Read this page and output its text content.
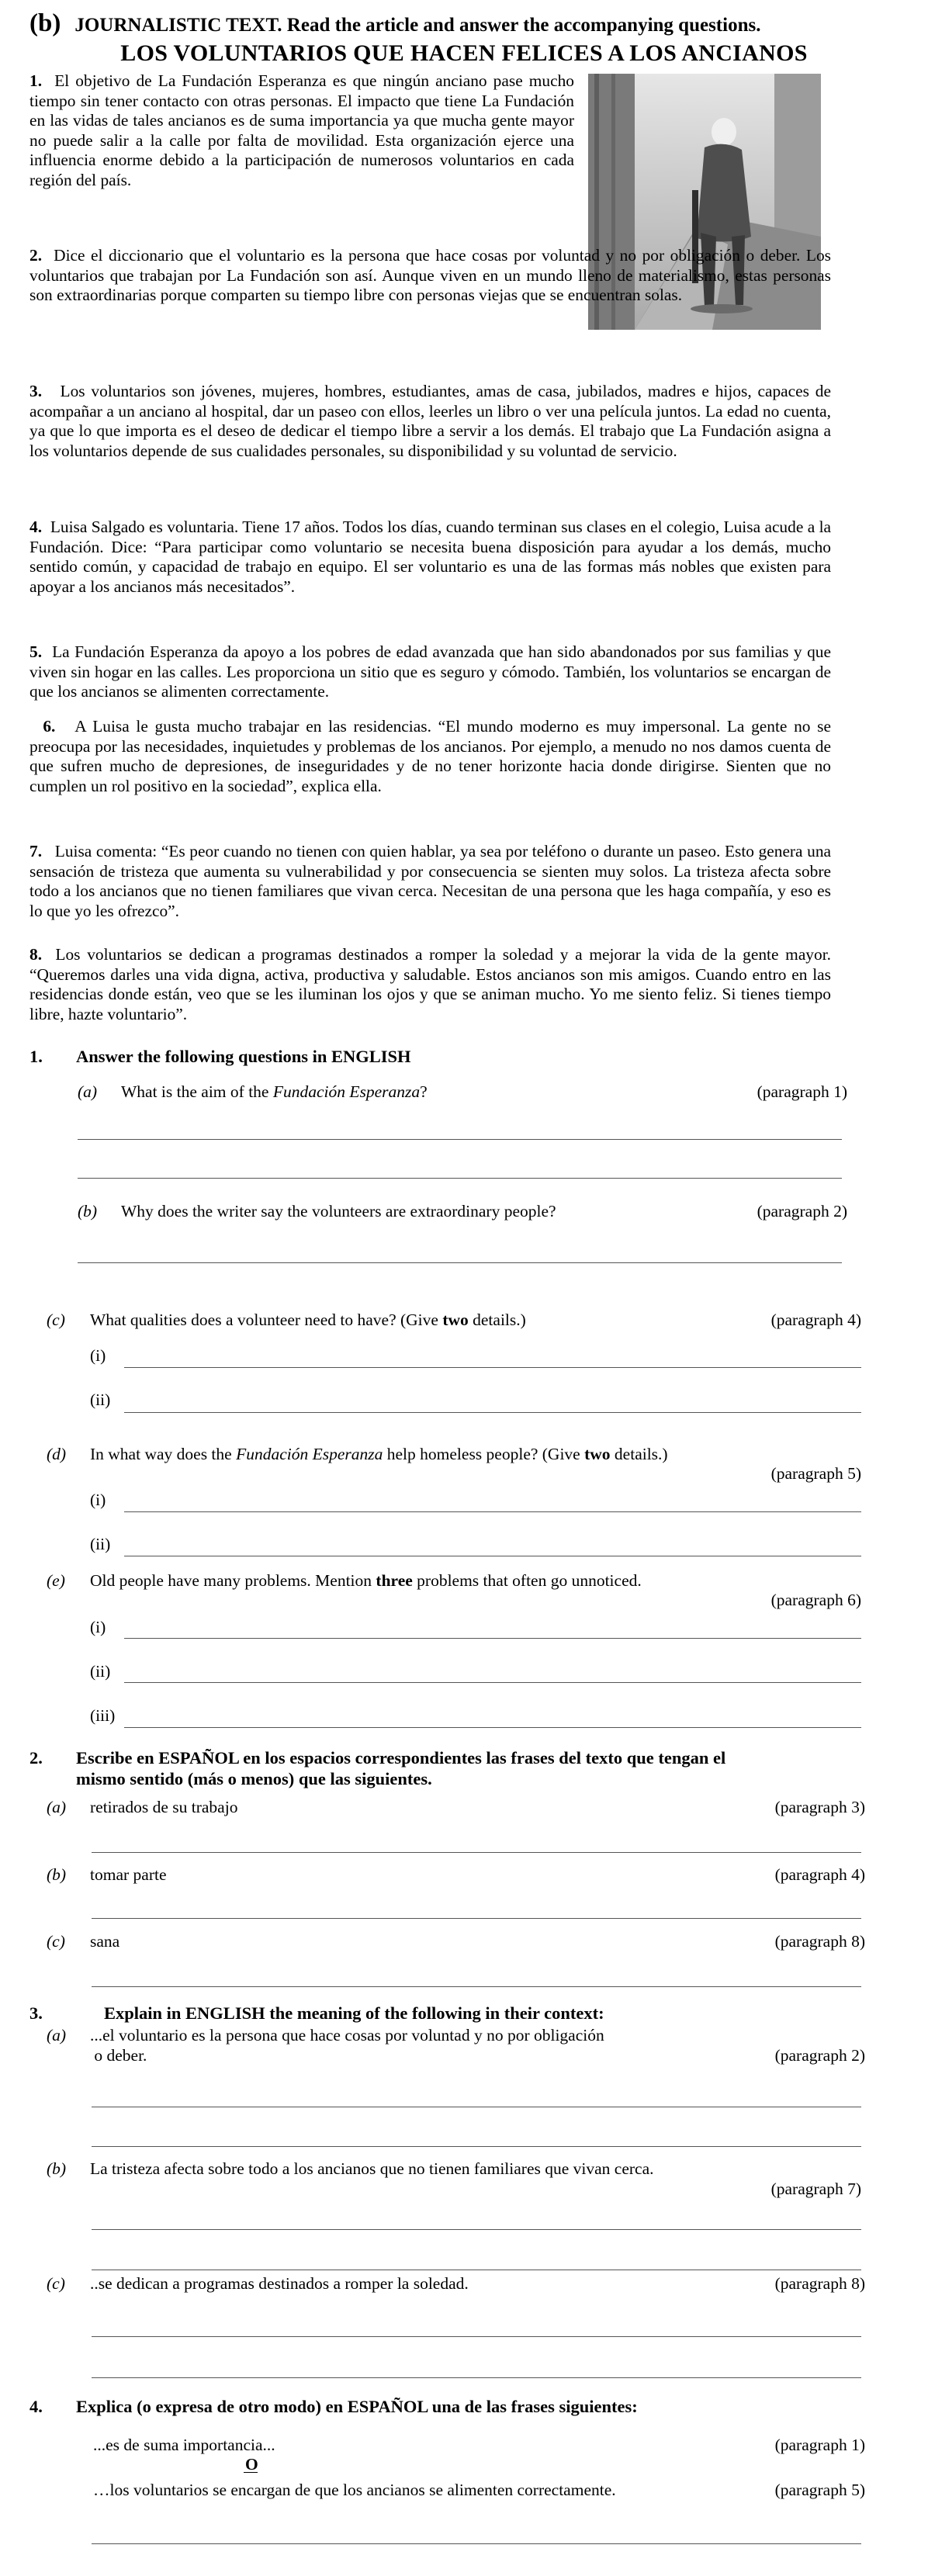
(b) JOURNALISTIC TEXT. Read the article and answer the accompanying questions.
LOS VOLUNTARIOS QUE HACEN FELICES A LOS ANCIANOS

1. El objetivo de La Fundación Esperanza es que ningún anciano pase mucho tiempo sin tener contacto con otras personas. El impacto que tiene La Fundación en las vidas de tales ancianos es de suma importancia ya que mucha gente mayor no puede salir a la calle por falta de movilidad. Esta organización ejerce una influencia enorme debido a la participación de numerosos voluntarios en cada región del país.

2. Dice el diccionario que el voluntario es la persona que hace cosas por voluntad y no por obligación o deber. Los voluntarios que trabajan por La Fundación son así. Aunque viven en un mundo lleno de materialismo, estas personas son extraordinarias porque comparten su tiempo libre con personas viejas que se encuentran solas.

3. Los voluntarios son jóvenes, mujeres, hombres, estudiantes, amas de casa, jubilados, madres e hijos, capaces de acompañar a un anciano al hospital, dar un paseo con ellos, leerles un libro o ver una película juntos. La edad no cuenta, ya que lo que importa es el deseo de dedicar el tiempo libre a servir a los demás. El trabajo que La Fundación asigna a los voluntarios depende de sus cualidades personales, su disponibilidad y su voluntad de servicio.

4. Luisa Salgado es voluntaria. Tiene 17 años. Todos los días, cuando terminan sus clases en el colegio, Luisa acude a la Fundación. Dice: “Para participar como voluntario se necesita buena disposición para ayudar a los demás, mucho sentido común, y capacidad de trabajo en equipo. El ser voluntario es una de las formas más nobles que existen para apoyar a los ancianos más necesitados”.

5. La Fundación Esperanza da apoyo a los pobres de edad avanzada que han sido abandonados por sus familias y que viven sin hogar en las calles. Les proporciona un sitio que es seguro y cómodo. También, los voluntarios se encargan de que los ancianos se alimenten correctamente.

6. A Luisa le gusta mucho trabajar en las residencias. “El mundo moderno es muy impersonal. La gente no se preocupa por las necesidades, inquietudes y problemas de los ancianos. Por ejemplo, a menudo no nos damos cuenta de que sufren mucho de depresiones, de inseguridades y de no tener horizonte hacia donde dirigirse. Sienten que no cumplen un rol positivo en la sociedad”, explica ella.

7. Luisa comenta: “Es peor cuando no tienen con quien hablar, ya sea por teléfono o durante un paseo. Esto genera una sensación de tristeza que aumenta su vulnerabilidad y por consecuencia se sienten muy solos. La tristeza afecta sobre todo a los ancianos que no tienen familiares que vivan cerca. Necesitan de una persona que les haga compañía, y eso es lo que yo les ofrezco”.

8. Los voluntarios se dedican a programas destinados a romper la soledad y a mejorar la vida de la gente mayor. “Queremos darles una vida digna, activa, productiva y saludable. Estos ancianos son mis amigos. Cuando entro en las residencias donde están, veo que se les iluminan los ojos y que se animan mucho. Yo me siento feliz. Si tienes tiempo libre, hazte voluntario”.

1. Answer the following questions in ENGLISH
(a) What is the aim of the Fundación Esperanza?	(paragraph 1)
(b) Why does the writer say the volunteers are extraordinary people?	(paragraph 2)
(c) What qualities does a volunteer need to have? (Give two details.)	(paragraph 4)
(i)
(ii)
(d) In what way does the Fundación Esperanza help homeless people? (Give two details.)
(paragraph 5)
(i)
(ii)
(e) Old people have many problems. Mention three problems that often go unnoticed.
(paragraph 6)
(i)
(ii)
(iii)
2. Escribe en ESPAÑOL en los espacios correspondientes las frases del texto que tengan el
mismo sentido (más o menos) que las siguientes.
(a) retirados de su trabajo	(paragraph 3)
(b) tomar parte	(paragraph 4)
(c) sana	(paragraph 8)
3.	Explain in ENGLISH the meaning of the following in their context:
(a) ...el voluntario es la persona que hace cosas por voluntad y no por obligación
o deber.	(paragraph 2)
(b) La tristeza afecta sobre todo a los ancianos que no tienen familiares que vivan cerca.
(paragraph 7)
(c) ..se dedican a programas destinados a romper la soledad.	(paragraph 8)
4. Explica (o expresa de otro modo) en ESPAÑOL una de las frases siguientes:
...es de suma importancia...	(paragraph 1)
O
…los voluntarios se encargan de que los ancianos se alimenten correctamente.	(paragraph 5)
